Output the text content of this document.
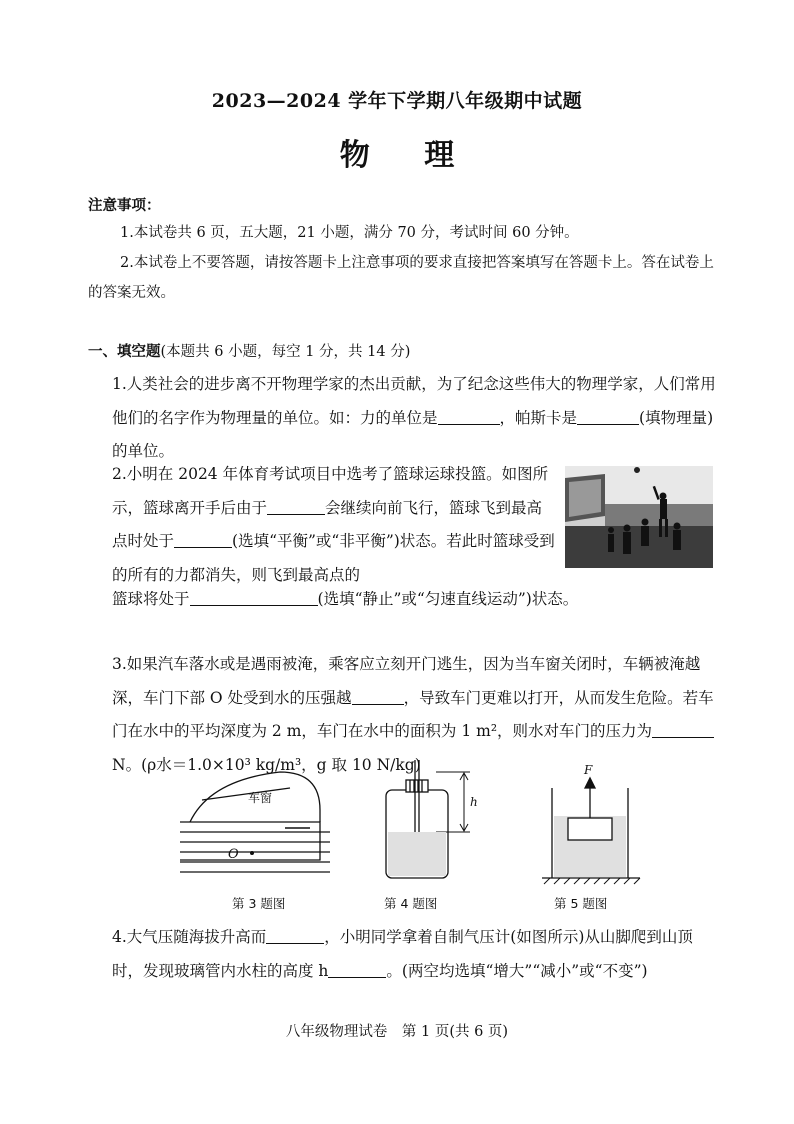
2023—2024 学年下学期八年级期中试题
物 理
注意事项：
1.本试卷共 6 页，五大题，21 小题，满分 70 分，考试时间 60 分钟。
2.本试卷上不要答题，请按答题卡上注意事项的要求直接把答案填写在答题卡上。答在试卷上的答案无效。
一、填空题(本题共 6 小题，每空 1 分，共 14 分)
1.人类社会的进步离不开物理学家的杰出贡献，为了纪念这些伟大的物理学家，人们常用他们的名字作为物理量的单位。如：力的单位是	，帕斯卡是	(填物理量)的单位。
2.小明在 2024 年体育考试项目中选考了篮球运球投篮。如图所示，篮球离开手后由于	会继续向前飞行，篮球飞到最高点时处于	(选填“平衡”或“非平衡”)状态。若此时篮球受到的所有的力都消失，则飞到最高点的
篮球将处于	(选填“静止”或“匀速直线运动”)状态。
3.如果汽车落水或是遇雨被淹，乘客应立刻开门逃生，因为当车窗关闭时，车辆被淹越深，车门下部 O 处受到水的压强越	，导致车门更难以打开，从而发生危险。若车门在水中的平均深度为 2 m，车门在水中的面积为 1 m²，则水对车门的压力为N。(ρ水＝1.0×10³ kg/m³，g 取 10 N/kg)
车窗
O
h
F
第 3 题图	第 4 题图	第 5 题图
4.大气压随海拔升高而	，小明同学拿着自制气压计(如图所示)从山脚爬到山顶时，发现玻璃管内水柱的高度 h	。(两空均选填“增大”“减小”或“不变”)
八年级物理试卷　第 1 页(共 6 页)
